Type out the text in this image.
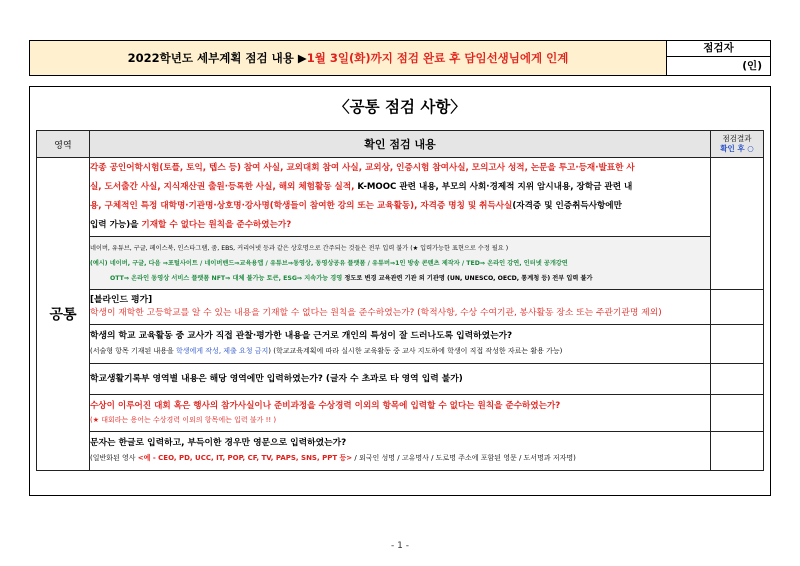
2022학년도 세부계획 점검 내용 ▶ 1월 3일(화)까지 점검 완료 후 담임선생님에게 인계
점검자
(인)
〈공통 점검 사항〉
영역	확인 점검 내용	점검결과
확인 후 ○

공통	각종 공인어학시험(토플, 토익, 텝스 등) 참여 사실, 교외대회 참여 사실, 교외상, 인증시험 참여사실, 모의고사 성적, 논문을 투고·등재·발표한 사
실, 도서출간 사실, 지식재산권 출원·등록한 사실, 해외 체험활동 실적, K-MOOC 관련 내용, 부모의 사회·경제적 지위 암시내용, 장학금 관련 내
용, 구체적인 특정 대학명·기관명·상호명·강사명(학생들이 참여한 강의 또는 교육활동), 자격증 명칭 및 취득사실(자격증 및 인증취득사항에만
입력 가능)을 기재할 수 없다는 원칙을 준수하였는가?	

	네이버, 유튜브, 구글, 페이스북, 인스타그램, 줌, EBS, 커리어넷 등과 같은 상호명으로 간주되는 것들은 전부 입력 불가 (★ 입력가능한 표현으로 수정 필요 )
(예시) 네이버, 구글, 다음 ⇒포털사이트 / 네이버밴드⇒교육용앱 / 유튜브⇒동영상, 동영상공유 플랫폼 / 유튜버⇒1인 방송 콘텐츠 제작자 / TED⇒ 온라인 강연, 인터넷 공개강연
OTT⇒ 온라인 동영상 서비스 플랫폼 NFT⇒ 대체 불가능 토큰, ESG⇒ 지속가능 경영 정도로 변경 교육관련 기관 외 기관명 (UN, UNESCO, OECD, 통계청 등) 전부 입력 불가	

	[블라인드 평가]
학생이 재학한 고등학교를 알 수 있는 내용을 기재할 수 없다는 원칙을 준수하였는가? (학적사항, 수상 수여기관, 봉사활동 장소 또는 주관기관명 제외)	

	학생의 학교 교육활동 중 교사가 직접 관찰·평가한 내용을 근거로 개인의 특성이 잘 드러나도록 입력하였는가?
(서술형 항목 기재된 내용을 학생에게 작성, 제출 요청 금지) (학교교육계획에 따라 실시한 교육활동 중 교사 지도하에 학생이 직접 작성한 자료는 활용 가능)	

	학교생활기록부 영역별 내용은 해당 영역에만 입력하였는가? (글자 수 초과로 타 영역 입력 불가)	

	수상이 이루어진 대회 혹은 행사의 참가사실이나 준비과정을 수상경력 이외의 항목에 입력할 수 없다는 원칙을 준수하였는가?
(★ 대회라는 용어는 수상경력 이외의 항목에는 입력 불가 !! )	

	문자는 한글로 입력하고, 부득이한 경우만 영문으로 입력하였는가?
(일반화된 영사 <예 - CEO, PD, UCC, IT, POP, CF, TV, PAPS, SNS, PPT 등> / 외국인 성명 / 고유명사 / 도로명 주소에 포함된 영문 / 도서명과 저자명)	

- 1 -
